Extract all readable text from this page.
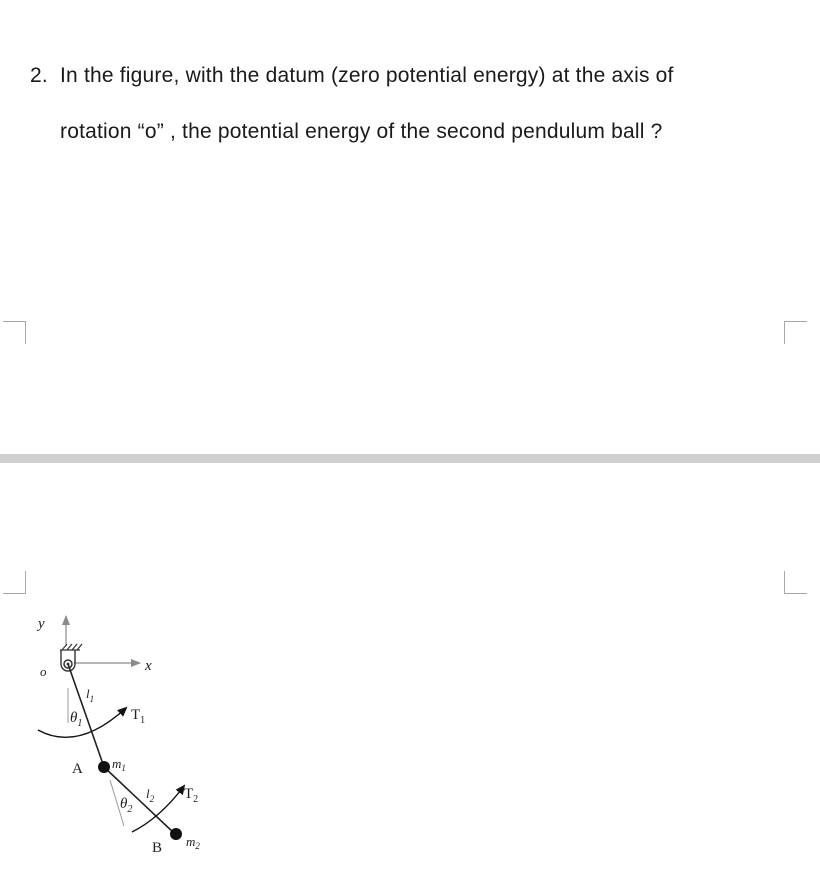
2. In the figure, with the datum (zero potential energy) at the axis of
rotation “o” , the potential energy of the second pendulum ball ?
y
x
o
$l_1$
$\theta_1$
$T_1$
A $m_1$
$l_2$
$\theta_2$
$T_2$
B $m_2$
